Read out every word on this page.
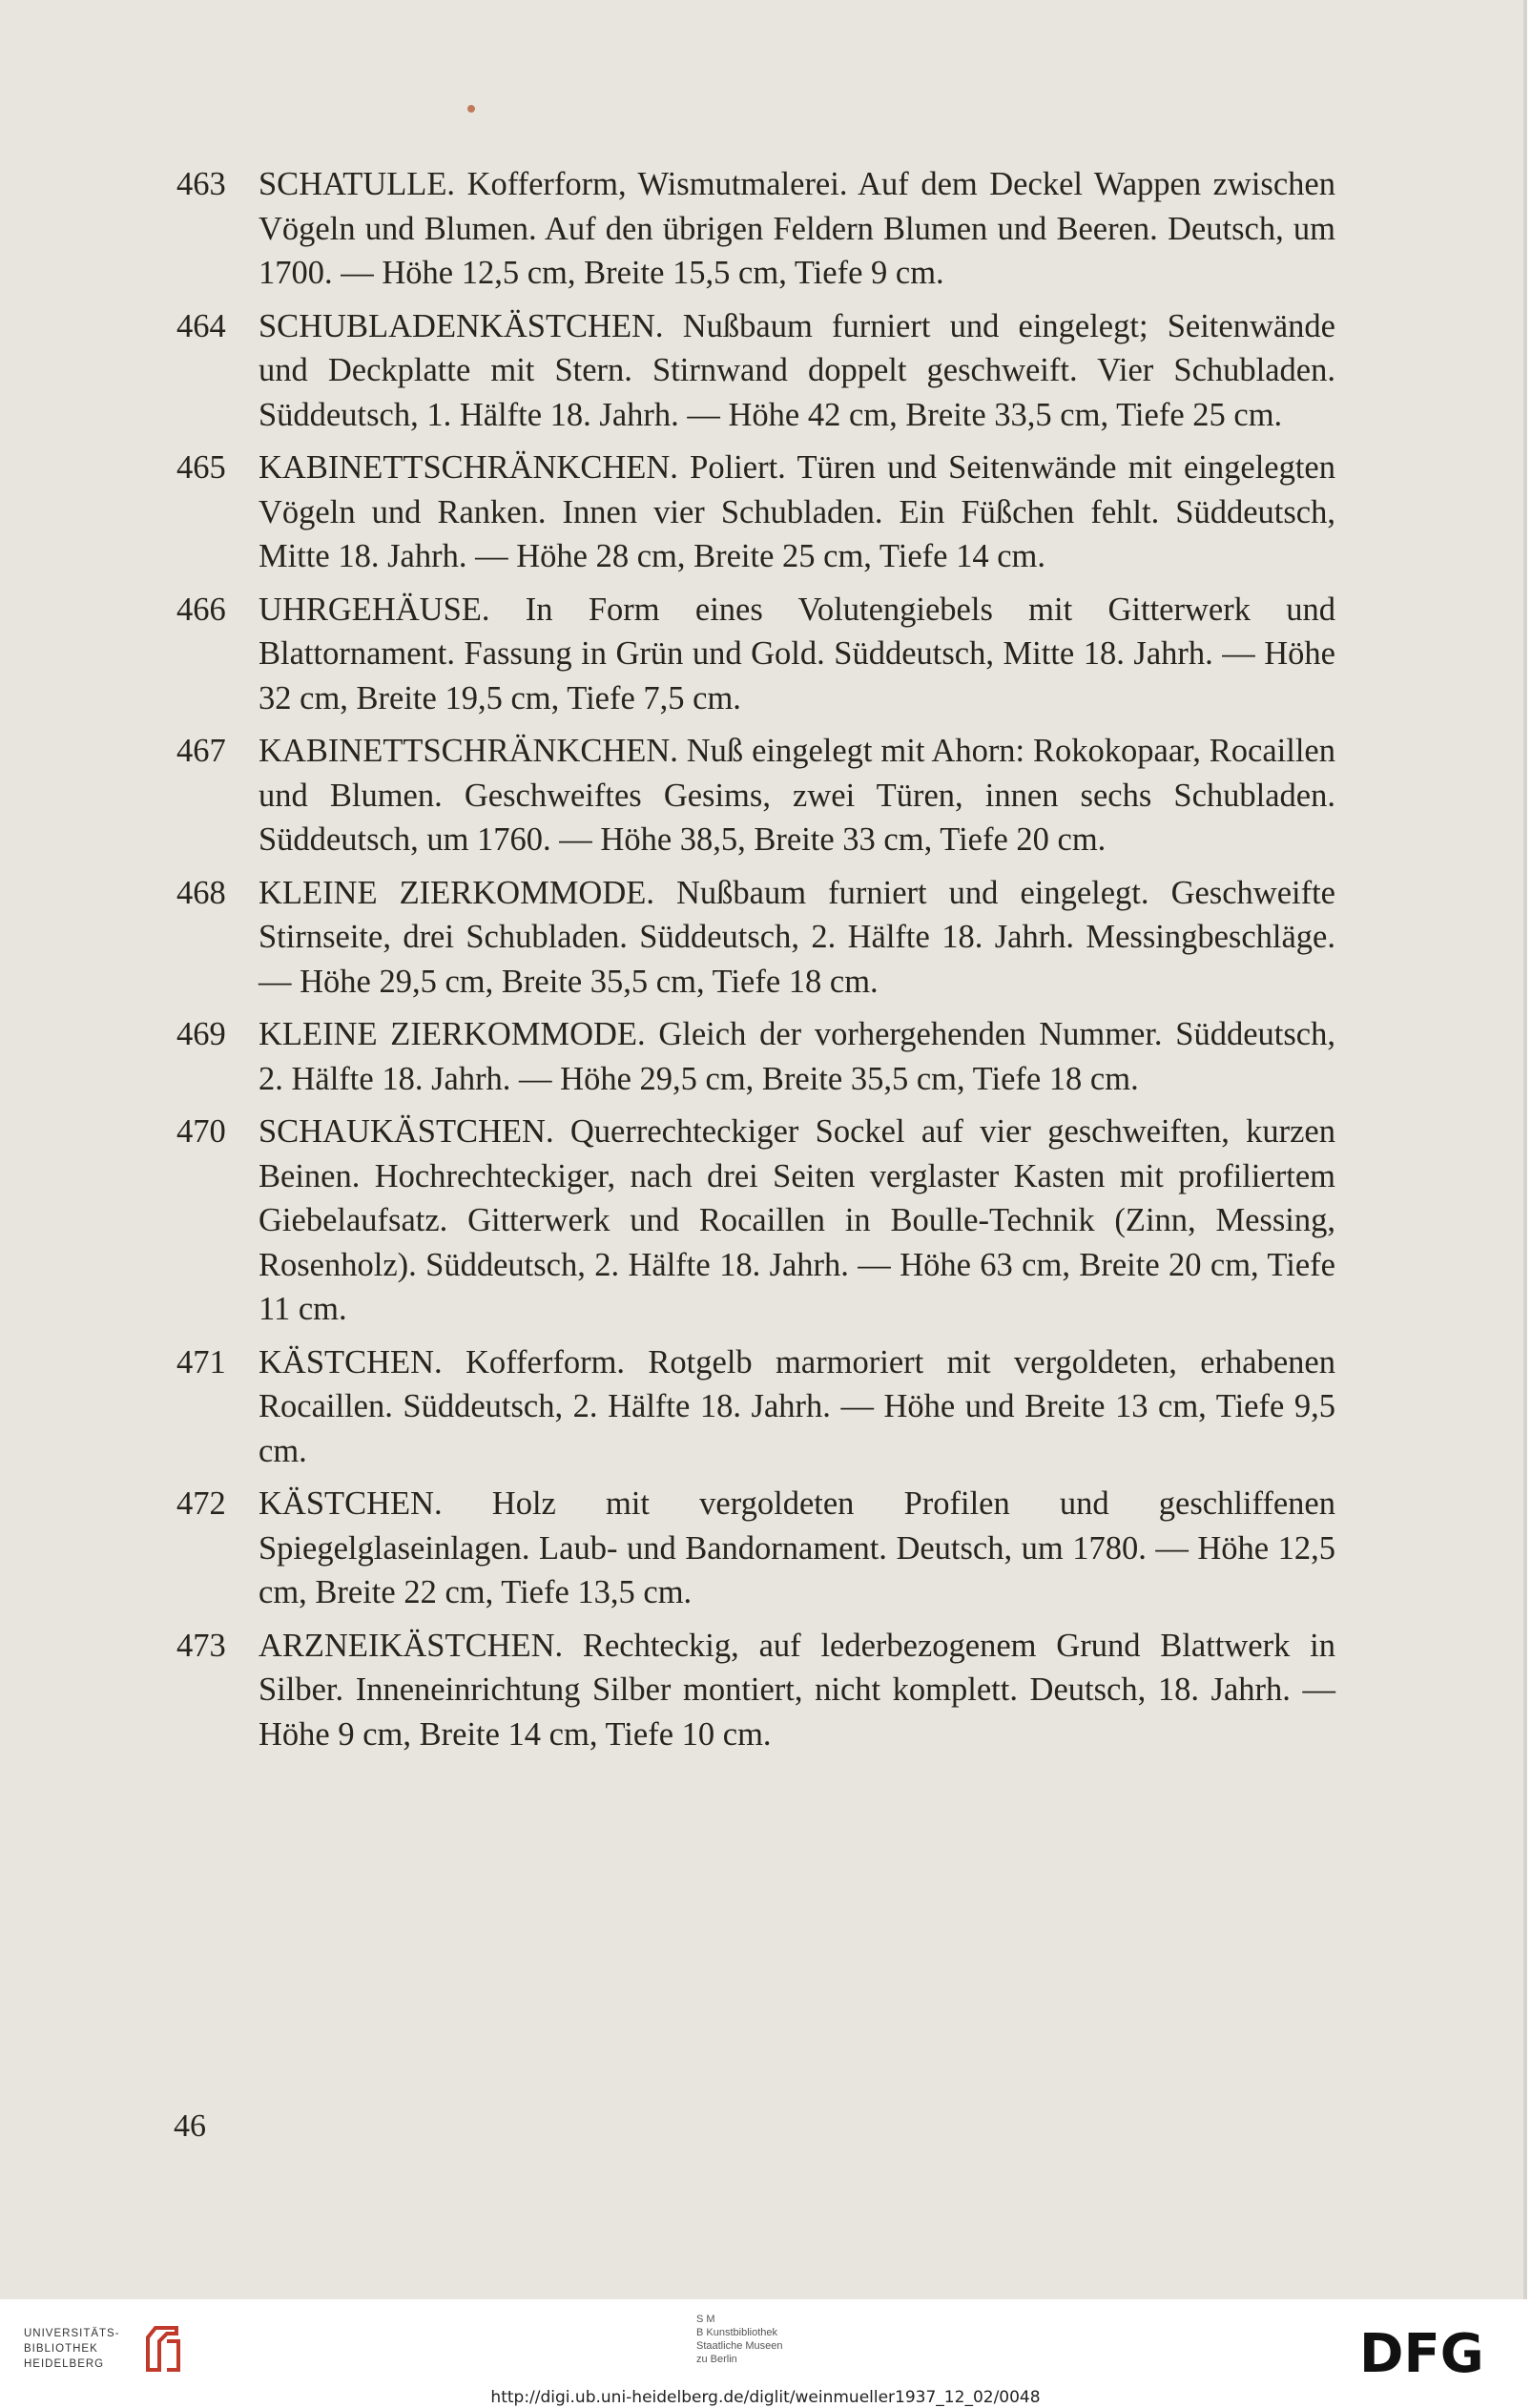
463 SCHATULLE. Kofferform, Wismutmalerei. Auf dem Deckel Wappen zwischen Vögeln und Blumen. Auf den übrigen Feldern Blumen und Beeren. Deutsch, um 1700. — Höhe 12,5 cm, Breite 15,5 cm, Tiefe 9 cm.
464 SCHUBLADENKÄSTCHEN. Nußbaum furniert und eingelegt; Seitenwände und Deckplatte mit Stern. Stirnwand doppelt geschweift. Vier Schubladen. Süddeutsch, 1. Hälfte 18. Jahrh. — Höhe 42 cm, Breite 33,5 cm, Tiefe 25 cm.
465 KABINETTSCHRÄNKCHEN. Poliert. Türen und Seitenwände mit eingelegten Vögeln und Ranken. Innen vier Schubladen. Ein Füßchen fehlt. Süddeutsch, Mitte 18. Jahrh. — Höhe 28 cm, Breite 25 cm, Tiefe 14 cm.
466 UHRGEHÄUSE. In Form eines Volutengiebels mit Gitterwerk und Blattornament. Fassung in Grün und Gold. Süddeutsch, Mitte 18. Jahrh. — Höhe 32 cm, Breite 19,5 cm, Tiefe 7,5 cm.
467 KABINETTSCHRÄNKCHEN. Nuß eingelegt mit Ahorn: Rokokopaar, Rocaillen und Blumen. Geschweiftes Gesims, zwei Türen, innen sechs Schubladen. Süddeutsch, um 1760. — Höhe 38,5, Breite 33 cm, Tiefe 20 cm.
468 KLEINE ZIERKOMMODE. Nußbaum furniert und eingelegt. Geschweifte Stirnseite, drei Schubladen. Süddeutsch, 2. Hälfte 18. Jahrh. Messingbeschläge. — Höhe 29,5 cm, Breite 35,5 cm, Tiefe 18 cm.
469 KLEINE ZIERKOMMODE. Gleich der vorhergehenden Nummer. Süddeutsch, 2. Hälfte 18. Jahrh. — Höhe 29,5 cm, Breite 35,5 cm, Tiefe 18 cm.
470 SCHAUKÄSTCHEN. Querrechteckiger Sockel auf vier geschweiften, kurzen Beinen. Hochrechteckiger, nach drei Seiten verglaster Kasten mit profiliertem Giebelaufsatz. Gitterwerk und Rocaillen in Boulle-Technik (Zinn, Messing, Rosenholz). Süddeutsch, 2. Hälfte 18. Jahrh. — Höhe 63 cm, Breite 20 cm, Tiefe 11 cm.
471 KÄSTCHEN. Kofferform. Rotgelb marmoriert mit vergoldeten, erhabenen Rocaillen. Süddeutsch, 2. Hälfte 18. Jahrh. — Höhe und Breite 13 cm, Tiefe 9,5 cm.
472 KÄSTCHEN. Holz mit vergoldeten Profilen und geschliffenen Spiegelglaseinlagen. Laub- und Bandornament. Deutsch, um 1780. — Höhe 12,5 cm, Breite 22 cm, Tiefe 13,5 cm.
473 ARZNEIKÄSTCHEN. Rechteckig, auf lederbezogenem Grund Blattwerk in Silber. Inneneinrichtung Silber montiert, nicht komplett. Deutsch, 18. Jahrh. — Höhe 9 cm, Breite 14 cm, Tiefe 10 cm.
46
UNIVERSITÄTS-
BIBLIOTHEK
HEIDELBERG
S M
B Kunstbibliothek
Staatliche Museen
zu Berlin	DFG
http://digi.ub.uni-heidelberg.de/diglit/weinmueller1937_12_02/0048
